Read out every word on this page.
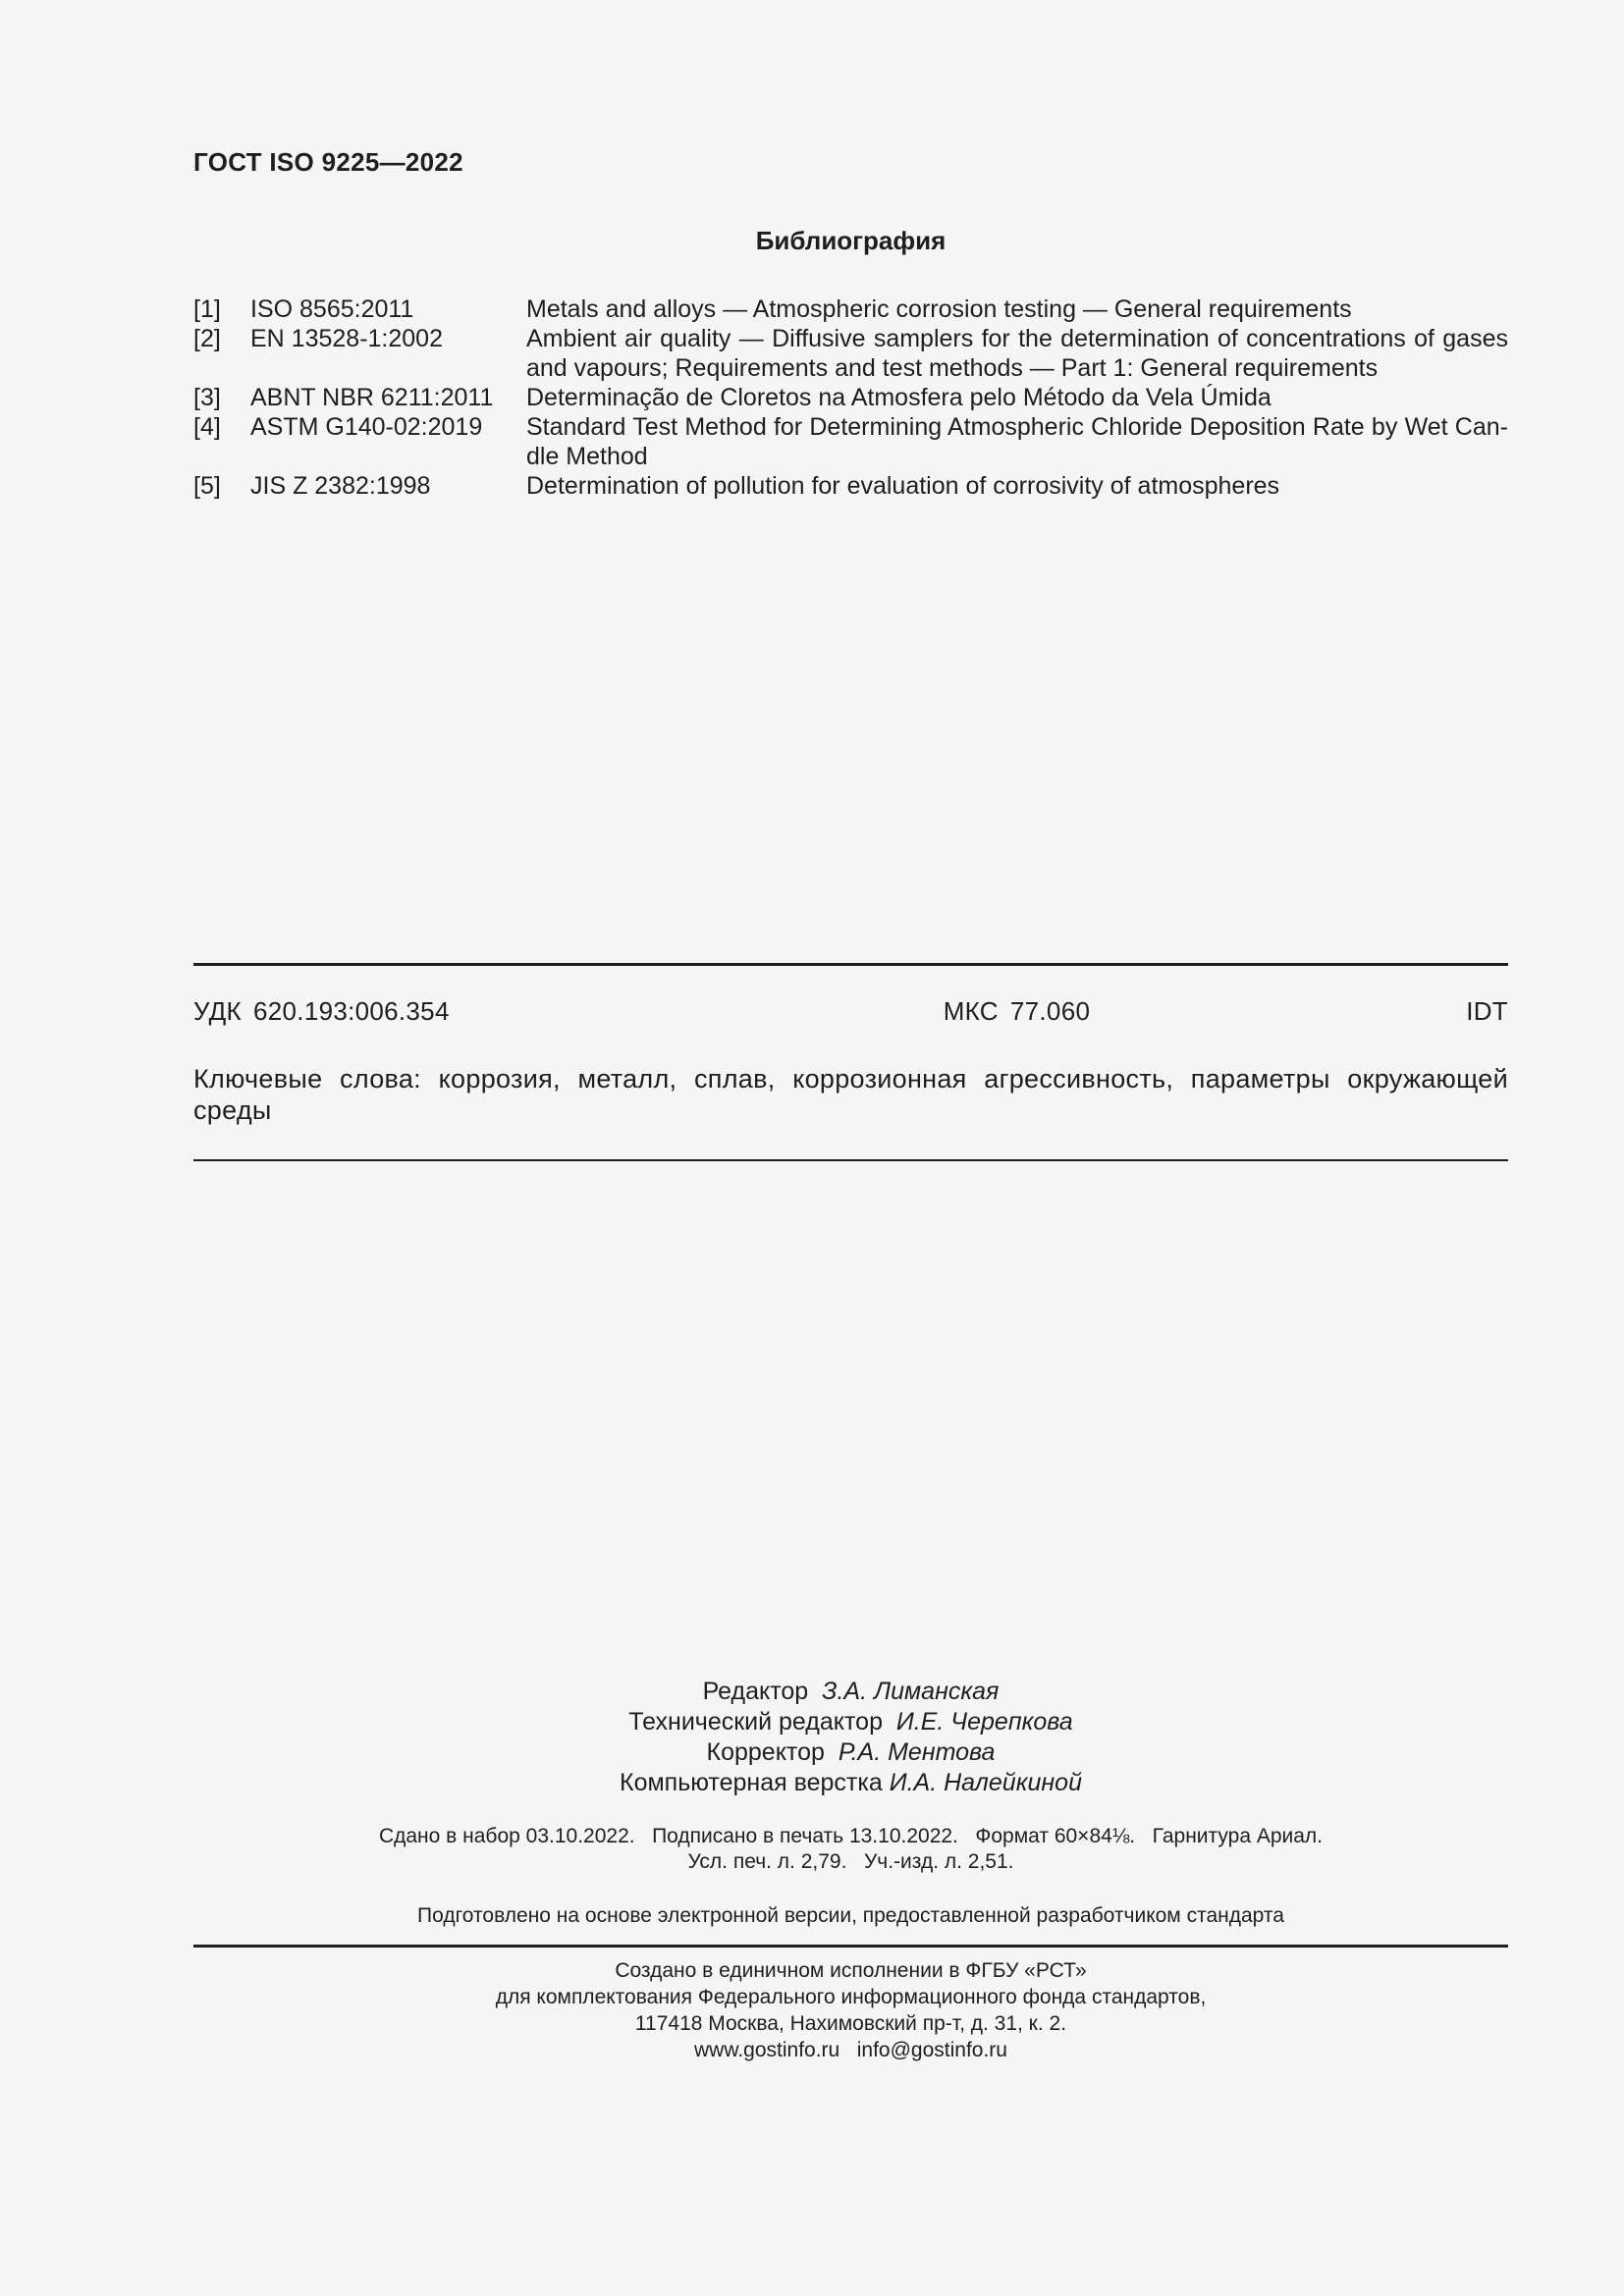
ГОСТ ISO 9225—2022
Библиография
[1]	ISO 8565:2011	Metals and alloys — Atmospheric corrosion testing — General requirements
[2]	EN 13528-1:2002	Ambient air quality — Diffusive samplers for the determination of concentrations of gases and vapours; Requirements and test methods — Part 1: General requirements
[3]	ABNT NBR 6211:2011	Determinação de Cloretos na Atmosfera pelo Método da Vela Úmida
[4]	ASTM G140-02:2019	Standard Test Method for Determining Atmospheric Chloride Deposition Rate by Wet Candle Method
[5]	JIS Z 2382:1998	Determination of pollution for evaluation of corrosivity of atmospheres
УДК 620.193:006.354	МКС 77.060	IDT
Ключевые слова: коррозия, металл, сплав, коррозионная агрессивность, параметры окружающей среды
Редактор З.А. Лиманская
Технический редактор И.Е. Черепкова
Корректор Р.А. Ментова
Компьютерная верстка И.А. Налейкиной
Сдано в набор 03.10.2022.   Подписано в печать 13.10.2022.   Формат 60×84⅛.   Гарнитура Ариал.
Усл. печ. л. 2,79.   Уч.-изд. л. 2,51.
Подготовлено на основе электронной версии, предоставленной разработчиком стандарта
Создано в единичном исполнении в ФГБУ «РСТ»
для комплектования Федерального информационного фонда стандартов,
117418 Москва, Нахимовский пр-т, д. 31, к. 2.
www.gostinfo.ru info@gostinfo.ru
